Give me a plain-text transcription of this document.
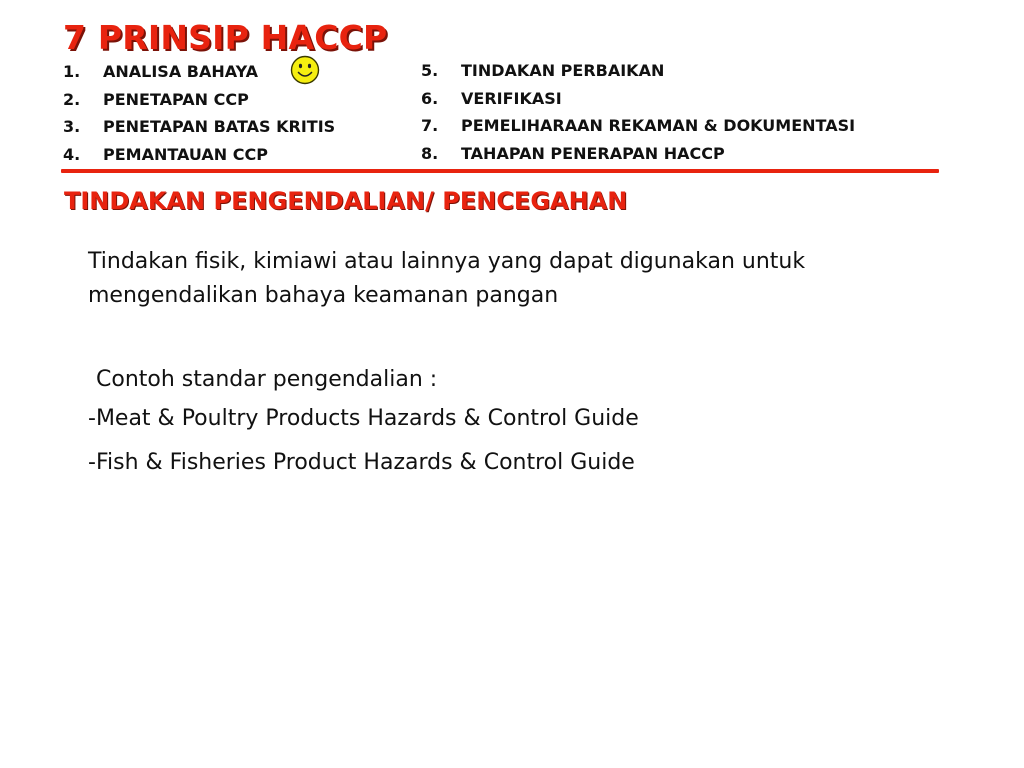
7 PRINSIP HACCP
1.	ANALISA BAHAYA
2.	PENETAPAN CCP
3.	PENETAPAN BATAS KRITIS
4.	PEMANTAUAN CCP
5.	TINDAKAN PERBAIKAN
6.	VERIFIKASI
7.	PEMELIHARAAN REKAMAN & DOKUMENTASI
8.	TAHAPAN PENERAPAN HACCP
TINDAKAN PENGENDALIAN/ PENCEGAHAN

Tindakan fisik, kimiawi atau lainnya yang dapat digunakan untuk
mengendalikan bahaya keamanan pangan

Contoh standar pengendalian :

-Meat & Poultry Products Hazards & Control Guide

-Fish & Fisheries Product Hazards & Control Guide
